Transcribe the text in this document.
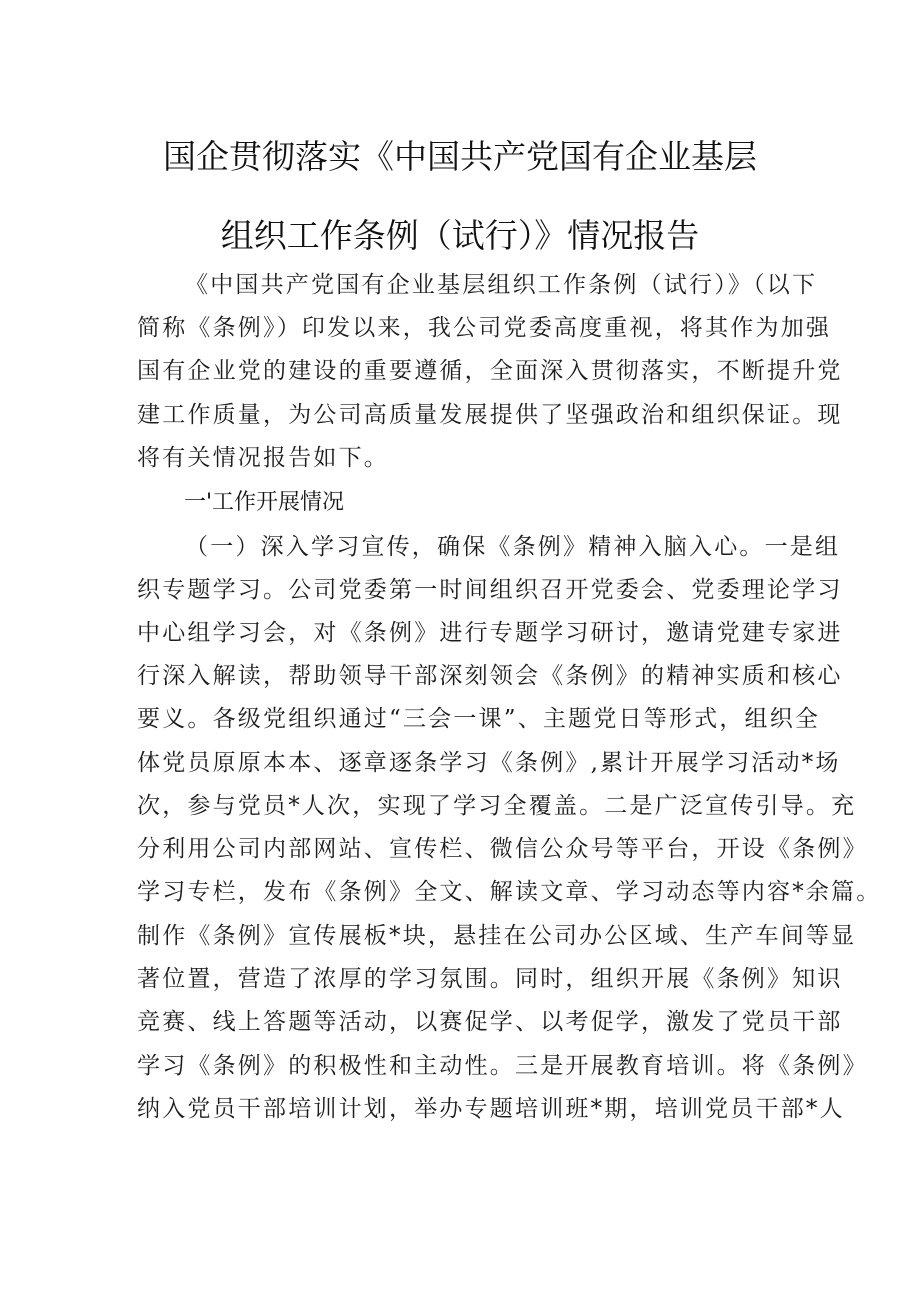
国企贯彻落实《中国共产党国有企业基层
组织工作条例（试行）》情况报告
《中国共产党国有企业基层组织工作条例（试行）》（以下
简称《条例》）印发以来，我公司党委高度重视，将其作为加强
国有企业党的建设的重要遵循，全面深入贯彻落实，不断提升党
建工作质量，为公司高质量发展提供了坚强政治和组织保证。现
将有关情况报告如下。
一'工作开展情况
（一）深入学习宣传，确保《条例》精神入脑入心。一是组
织专题学习。公司党委第一时间组织召开党委会、党委理论学习
中心组学习会，对《条例》进行专题学习研讨，邀请党建专家进
行深入解读，帮助领导干部深刻领会《条例》的精神实质和核心
要义。各级党组织通过“三会一课”、主题党日等形式，组织全
体党员原原本本、逐章逐条学习《条例》,累计开展学习活动*场
次，参与党员*人次，实现了学习全覆盖。二是广泛宣传引导。充
分利用公司内部网站、宣传栏、微信公众号等平台，开设《条例》
学习专栏，发布《条例》全文、解读文章、学习动态等内容*余篇。
制作《条例》宣传展板*块，悬挂在公司办公区域、生产车间等显
著位置，营造了浓厚的学习氛围。同时，组织开展《条例》知识
竞赛、线上答题等活动，以赛促学、以考促学，激发了党员干部
学习《条例》的积极性和主动性。三是开展教育培训。将《条例》
纳入党员干部培训计划，举办专题培训班*期，培训党员干部*人
